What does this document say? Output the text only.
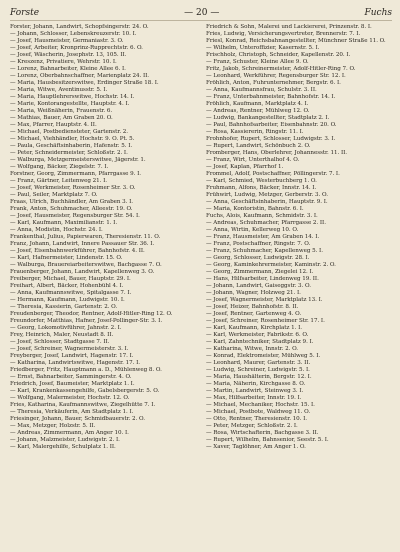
Forste	— 20 —	Fuchs

Forster, Johann, Landwirt, Schopfsingerstr. 24. O.

— Johann, Schlosser, Lebenskreuzerstr. 10. I.

— Josef, Hausmeister, Germaniastr. 3. O.

— Josef, Arbeiter, Kronprinz-Rupprechtstr. 6. O.

— Josef, Wäscherin, Josephstr. 13, 105. II.

— Kreszenz, Privatiere, Wehrstr. 10. I.

— Lorenz, Bahnarbeiter, Kleine Allee 6. I.

— Lorenz, Oberbahnschaffner, Marienplatz 24. II.

— Maria, Hausbesitzerswitwe, Erdinger Straße 18. I.

— Maria, Witwe, Aventinusstr. 5. I.

— Maria, Hauptlehrerswitwe, Hochstr. 14. I.

— Marie, Kontorangestellte, Hauptstr. 4. I.

— Maria, Weißnäherin, Frauenstr. 6.

— Mathias, Bauer, Am Graben 20. O.

— Max, Pfarrer, Hauptstr. 4. II.

— Michael, Postbediensteter, Gartenstr. 2.

— Michael, Viehhändler, Hochstr. 9. O. Pt. 5.

— Paula, Geschäftsinhaberin, Hafenstr. 5. I.

— Peter, Schneidermeister, Schloßstr. 2. I.

— Walburga, Metzgermeisterswitwe, Jägerstr. 1.

— Wolfgang, Bäcker, Ziegelstr. 7. I.

Forstner, Georg, Zimmermann, Pfarrgasse 9. I.

— Franz, Gärtner, Leitenweg 21. I.

— Josef, Werkmeister, Rosenheimer Str. 3. O.

— Paul, Seiler, Marktplatz 7. O.

Fraas, Ulrich, Buchhändler, Am Graben 3. I.

Frank, Anton, Schuhmacher, Alleestr. 19. O.

— Josef, Hausmeister, Regensburger Str. 54. I.

— Karl, Kaufmann, Maximilianstr. 1. I.

— Anna, Modistin, Hochstr. 24. I.

Frankenthal, Julius, Papierwaren, Theresienstr. 11. O.

Franz, Johann, Landwirt, Innere Passauer Str. 36. I.

— Josef, Eisenbahnwerkführer, Bahnhofstr. 4. II.

— Karl, Hafnermeister, Lindenstr. 15. O.

— Walburga, Brauereiarbeiterswitwe, Bachgasse 7. O.

Frauenberger, Johann, Landwirt, Kapellenweg 3. O.

Freiberger, Michael, Bauer, Hauptstr. 29. I.

Freihart, Albert, Bäcker, Hohenbühl 4. I.

— Anna, Kaufmannswitwe, Spitalgasse 7. I.

— Hermann, Kaufmann, Ludwigstr. 10. I.

— Theresia, Kassierin, Gartenstr. 2. O.

Freudenberger, Theodor, Rentner, Adolf-Hitler-Ring 12. O.

Freundorfer, Matthias, Hafner, Josef-Pollinger-Str. 3. I.

— Georg, Lokomotivführer, Jahnstr. 2. I.

Frey, Heinrich, Maler, Neustadt 8. II.

— Josef, Schlosser, Stadtgasse 7. II.

— Josef, Schreiner, Wagnermeisterstr. 3. I.

Freyberger, Josef, Landwirt, Hagenstr. 17. I.

— Katharina, Landwirtswitwe, Hagenstr. 17. I.

Friedberger, Fritz, Hauptmann a. D., Mühlenweg 8. O.

— Ernst, Bahnarbeiter, Sammingerstr. 4. O.

Friedrich, Josef, Baumeister, Marktplatz 1. I.

— Karl, Krankenkassengehilfe, Gabelsbergerstr. 5. O.

— Wolfgang, Malermeister, Hochstr. 12. O.

Fries, Katharina, Kaufmannswitwe, Ziegelhütte 7. I.

— Theresia, Verkäuferin, Am Stadtplatz 1. I.

Friesinger, Johann, Bauer, Schmidbauerstr. 2. O.

— Max, Metzger, Holzstr. 5. II.

— Andreas, Zimmermann, Am Anger 10. I.

— Johann, Malzmeister, Ludwigstr. 2. I.

— Karl, Malergehilfe, Schulplatz 1. II.

Friedrich & Sohn, Malerei und Lackiererei, Prinzenstr. 8. I.

Fries, Ludwig, Versicherungsvertreter, Brennerstr. 7. I.

Friesl, Konrad, Reichsbahnangestellter, Münchner Straße 11. O.

— Wilhelm, Unteroffizier, Kasernstr. 5. I.

Frischholz, Christoph, Schneider, Kapellenstr. 20. I.

— Franz, Schuster, Kleine Allee 9. O.

Fritz, Jakob, Schreinermeister, Adolf-Hitler-Ring 7. O.

— Leonhard, Werkführer, Regensburger Str. 12. I.

Fröhlich, Anton, Fuhrunternehmer, Bergstr. 6. I.

— Anna, Kaufmannsfrau, Schulstr. 3. II.

— Franz, Unterbahnmeister, Bahnhofstr. 14. I.

Fröhlich, Kaufmann, Marktplatz 4. I.

— Andreas, Rentner, Mühlweg 12. O.

— Ludwig, Bankangestellter, Stadtplatz 2. I.

— Paul, Bahnhofsarbeiter, Eisenbahnstr. 20. O.

— Rosa, Kassiererin, Ringstr. 11. I.

Frohnhofer, Rupert, Schlosser, Ludwigstr. 3. I.

— Rupert, Landwirt, Schönbuch 2. O.

Fromberger, Hans, Oberlehrer, Johannesstr. 11. II.

— Franz, Wirt, Unterthalhof 4. O.

— Josef, Kaplan, Pfarrhof 1.

Frommel, Adolf, Postschaffner, Pöllingerstr. 7. I.

— Karl, Schmied, Westerbuchberg 1. O.

Fruhmann, Alfons, Bäcker, Innstr. 14. I.

Frühwirt, Ludwig, Metzger, Gerberstr. 3. O.

— Anna, Geschäftsinhaberin, Hauptstr. 9. I.

— Maria, Kontoristin, Bahnstr. 6. I.

Fuchs, Alois, Kaufmann, Schmidstr. 3. I.

— Andreas, Schuhmacher, Pfarrgasse 2. II.

— Anna, Wirtin, Kellerweg 10. O.

— Franz, Hausmeister, Am Graben 14. I.

— Franz, Postschaffner, Ringstr. 7. O.

— Franz, Schuhmacher, Kapellenweg 5. I.

— Georg, Schlosser, Ludwigstr. 28. I.

— Georg, Kaminkehrermeister, Kaminstr. 2. O.

— Georg, Zimmermann, Ziegelei 12. I.

— Hans, Hilfsarbeiter, Lindenweg 19. II.

— Johann, Landwirt, Gaiseggstr. 3. O.

— Johann, Wagner, Holzweg 21. I.

— Josef, Wagnermeister, Marktplatz 13. I.

— Josef, Heizer, Bahnhofstr. 8. II.

— Josef, Rentner, Gartenweg 4. O.

— Josef, Schreiner, Rosenheimer Str. 17. I.

— Karl, Kaufmann, Kirchplatz 1. I.

— Karl, Werkmeister, Fabrikstr. 6. O.

— Karl, Zahntechniker, Stadtplatz 9. I.

— Katharina, Witwe, Innstr. 2. O.

— Konrad, Elektromeister, Mühlweg 5. I.

— Leonhard, Maurer, Gartenstr. 3. II.

— Ludwig, Schreiner, Ludwigstr. 5. I.

— Maria, Haushälterin, Bergstr. 12. I.

— Maria, Näherin, Kirchgasse 8. O.

— Martin, Landwirt, Steinweg 3. I.

— Max, Hilfsarbeiter, Innstr. 19. I.

— Michael, Mechaniker, Hochstr. 15. I.

— Michael, Postbote, Waldweg 11. O.

— Otto, Rentner, Theresienstr. 10. I.

— Peter, Metzger, Schloßstr. 2. I.

— Rosa, Wirtschafterin, Bachgasse 3. II.

— Rupert, Wilhelm, Bahnsenior, Seestr. 5. I.

— Xaver, Taglöhner, Am Anger 1. O.
